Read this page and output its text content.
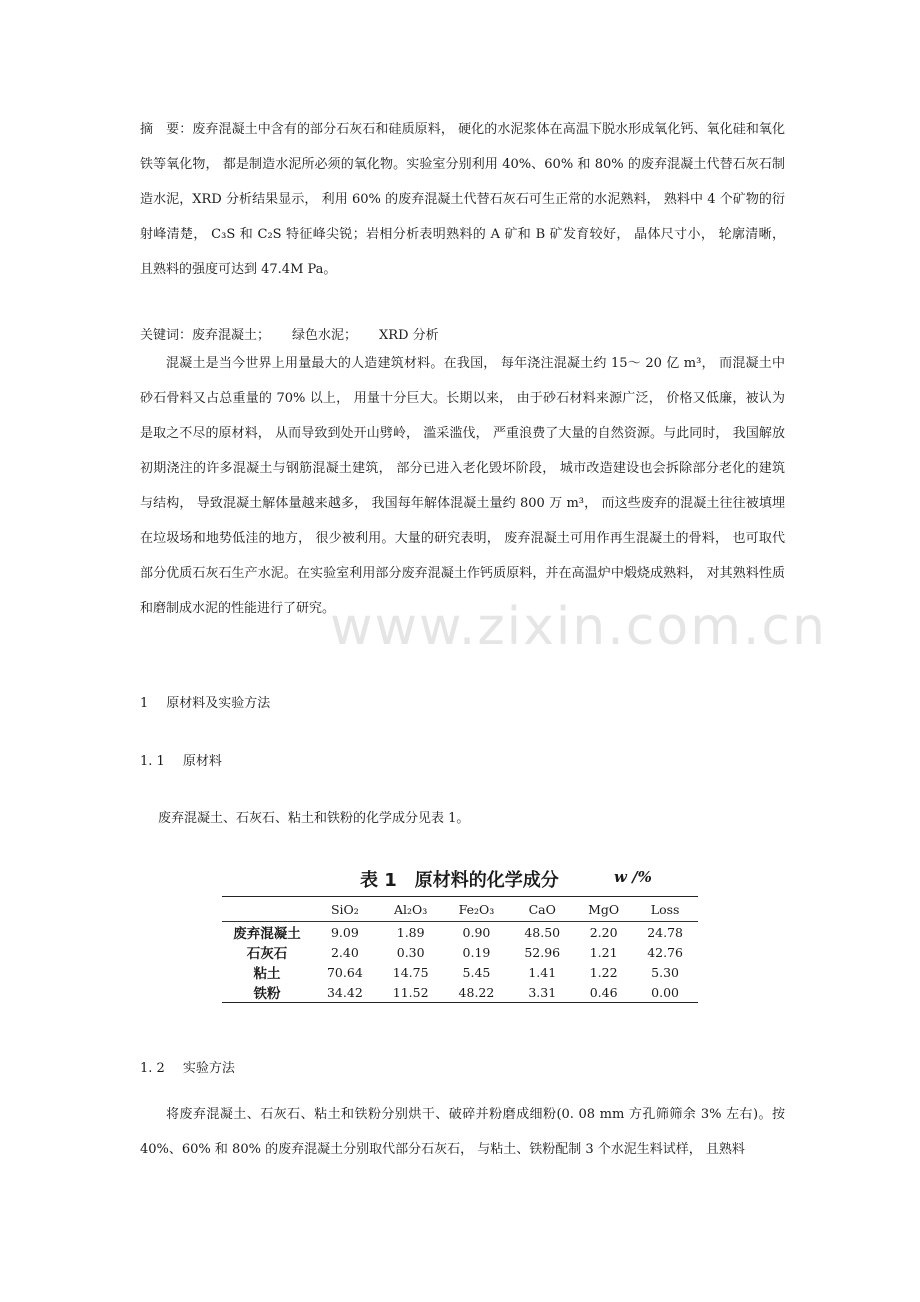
www.zixin.com.cn

摘　要：废弃混凝土中含有的部分石灰石和硅质原料， 硬化的水泥浆体在高温下脱水形成氧化钙、氧化硅和氧化铁等氧化物， 都是制造水泥所必须的氧化物。实验室分别利用 40%、60% 和 80% 的废弃混凝土代替石灰石制造水泥，XRD 分析结果显示， 利用 60% 的废弃混凝土代替石灰石可生正常的水泥熟料， 熟料中 4 个矿物的衍射峰清楚， C₃S 和 C₂S 特征峰尖锐；岩相分析表明熟料的 A 矿和 B 矿发育较好， 晶体尺寸小， 轮廓清晰， 且熟料的强度可达到 47.4M Pa。

关键词：废弃混凝土； 绿色水泥； XRD 分析

混凝土是当今世界上用量最大的人造建筑材料。在我国， 每年浇注混凝土约 15～ 20 亿 m³， 而混凝土中砂石骨料又占总重量的 70% 以上， 用量十分巨大。长期以来， 由于砂石材料来源广泛， 价格又低廉，被认为是取之不尽的原材料， 从而导致到处开山劈岭， 滥采滥伐， 严重浪费了大量的自然资源。与此同时， 我国解放初期浇注的许多混凝土与钢筋混凝土建筑， 部分已进入老化毁坏阶段， 城市改造建设也会拆除部分老化的建筑与结构， 导致混凝土解体量越来越多， 我国每年解体混凝土量约 800 万 m³， 而这些废弃的混凝土往往被填埋在垃圾场和地势低洼的地方， 很少被利用。大量的研究表明， 废弃混凝土可用作再生混凝土的骨料， 也可取代部分优质石灰石生产水泥。在实验室利用部分废弃混凝土作钙质原料，并在高温炉中煅烧成熟料， 对其熟料性质和磨制成水泥的性能进行了研究。

1 原材料及实验方法

1. 1 原材料

废弃混凝土、石灰石、粘土和铁粉的化学成分见表 1。

表 1　原材料的化学成分	w /%
	SiO₂	Al₂O₃	Fe₂O₃	CaO	MgO	Loss
废弃混凝土	9.09	1.89	0.90	48.50	2.20	24.78
石灰石	2.40	0.30	0.19	52.96	1.21	42.76
粘土	70.64	14.75	5.45	1.41	1.22	5.30
铁粉	34.42	11.52	48.22	3.31	0.46	0.00

1. 2 实验方法

将废弃混凝土、石灰石、粘土和铁粉分别烘干、破碎并粉磨成细粉(0. 08 mm 方孔筛筛余 3% 左右)。按 40%、60% 和 80% 的废弃混凝土分别取代部分石灰石， 与粘土、铁粉配制 3 个水泥生料试样， 且熟料
